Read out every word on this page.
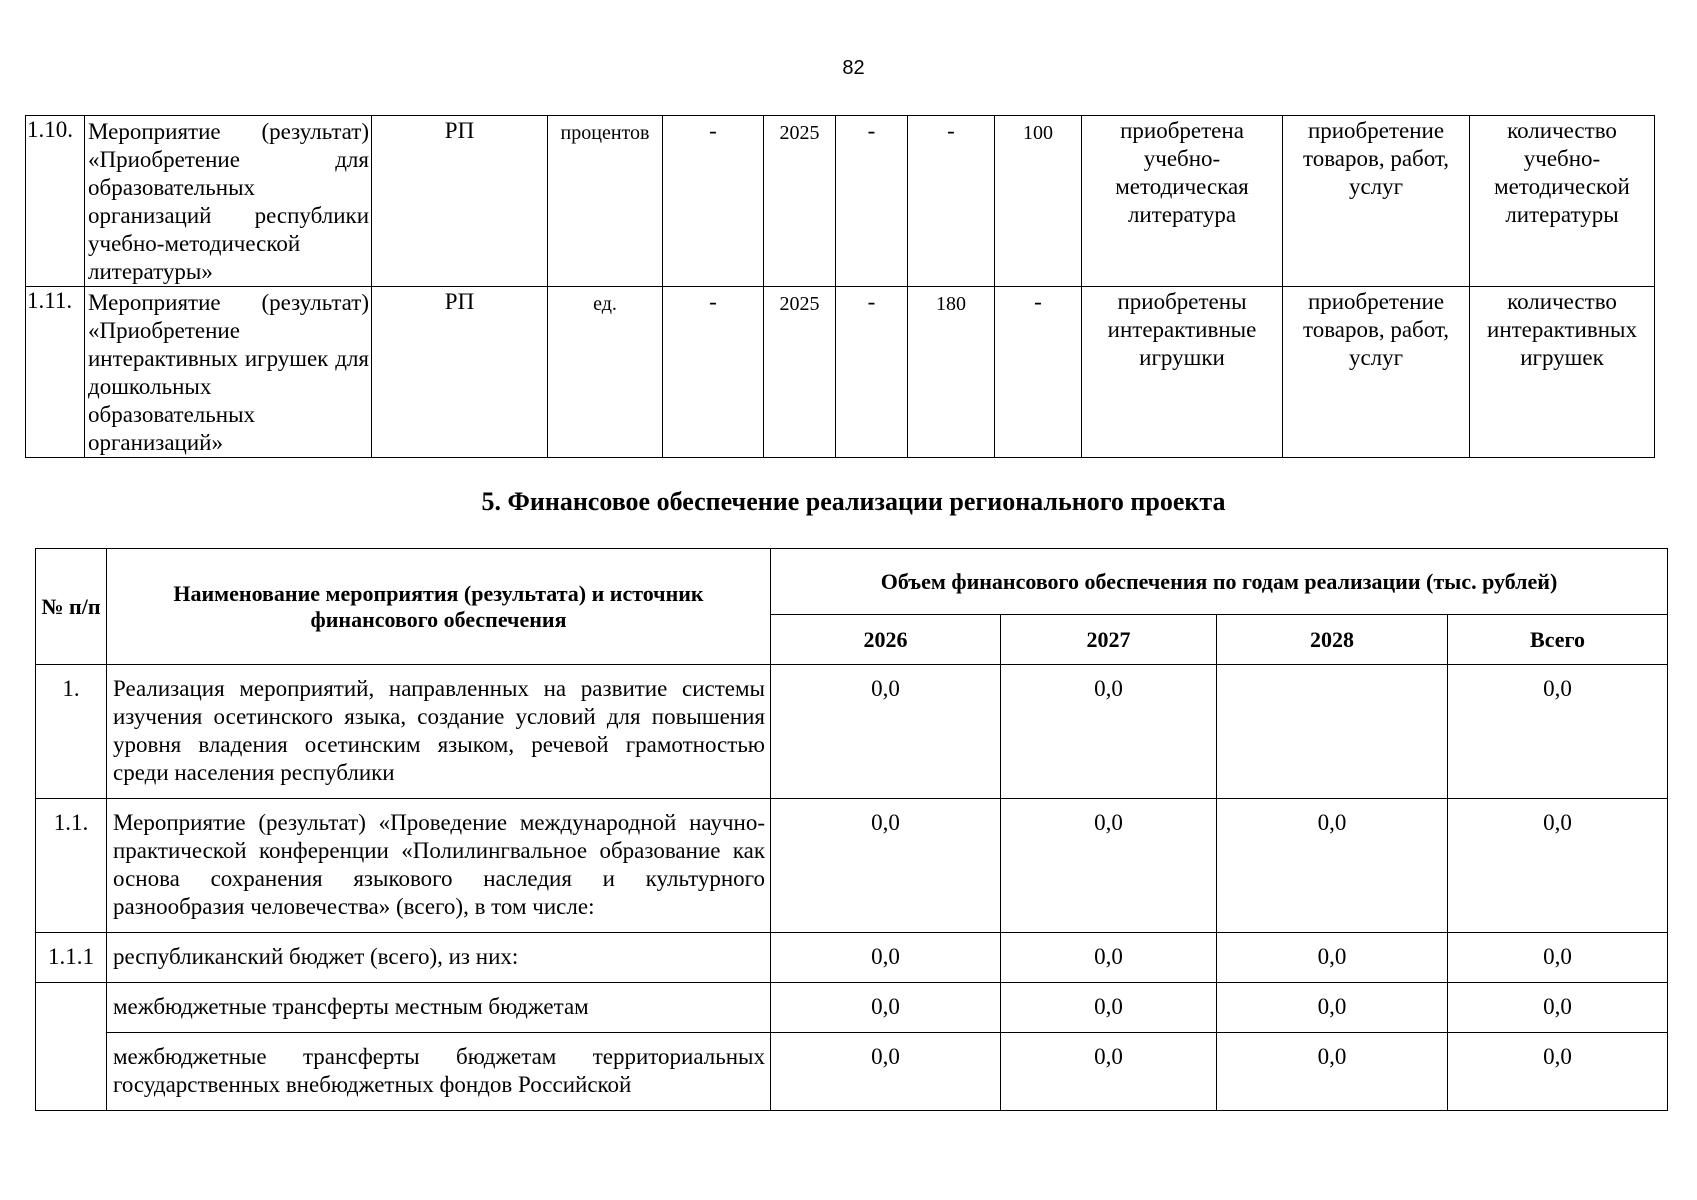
82
1.10.	Мероприятие (результат) «Приобретение для образовательных организаций республики учебно-методической литературы»	РП	процентов	-	2025	-	-	100	приобретена учебно-методическая литература	приобретение товаров, работ, услуг	количество учебно-методической литературы
1.11.	Мероприятие (результат) «Приобретение интерактивных игрушек для дошкольных образовательных организаций»	РП	ед.	-	2025	-	180	-	приобретены интерактивные игрушки	приобретение товаров, работ, услуг	количество интерактивных игрушек
5. Финансовое обеспечение реализации регионального проекта
№ п/п	Наименование мероприятия (результата) и источник финансового обеспечения	Объем финансового обеспечения по годам реализации (тыс. рублей)			
		2026	2027	2028	Всего
1.	Реализация мероприятий, направленных на развитие системы изучения осетинского языка, создание условий для повышения уровня владения осетинским языком, речевой грамотностью среди населения республики	0,0	0,0		0,0
1.1.	Мероприятие (результат) «Проведение международной научно-практической конференции «Полилингвальное образование как основа сохранения языкового наследия и культурного разнообразия человечества» (всего), в том числе:	0,0	0,0	0,0	0,0
1.1.1	республиканский бюджет (всего), из них:	0,0	0,0	0,0	0,0
	межбюджетные трансферты местным бюджетам	0,0	0,0	0,0	0,0
	межбюджетные трансферты бюджетам территориальных государственных внебюджетных фондов Российской	0,0	0,0	0,0	0,0
